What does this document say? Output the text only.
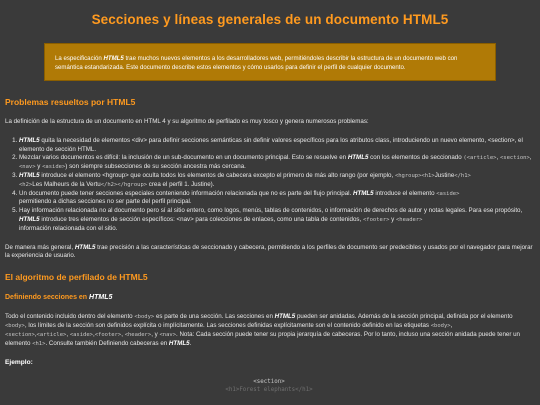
Secciones y líneas generales de un documento HTML5
La especificación HTML5 trae muchos nuevos elementos a los desarrolladores web, permitiéndoles describir la estructura de un documento web con semántica estandarizada. Este documento describe estos elementos y cómo usarlos para definir el perfil de cualquier documento.
Problemas resueltos por HTML5

La definición de la estructura de un documento en HTML 4 y su algoritmo de perfilado es muy tosco y genera numerosos problemas:

1. HTML5 quita la necesidad de elementos <div> para definir secciones semánticas sin definir valores específicos para los atributos class, introduciendo un nuevo elemento, <section>, el elemento de sección HTML.
2. Mezclar varios documentos es difícil: la inclusión de un sub-documento en un documento principal. Esto se resuelve en HTML5 con los elementos de seccionado (<article>, <section>, <nav> y <aside>) son siempre subsecciones de su sección ancestra más cercana.
3. HTML5 introduce el elemento <hgroup> que oculta todos los elementos de cabecera excepto el primero de más alto rango (por ejemplo, <hgroup><h1>Justine</h1>
<h2>Les Malheurs de la Vertu</h2></hgroup> crea el perfil 1. Justine).
4. Un documento puede tener secciones especiales conteniendo información relacionada que no es parte del flujo principal. HTML5 introduce el elemento <aside>
permitiendo a dichas secciones no ser parte del perfil principal.
5. Hay información relacionada no al documento pero sí al sitio entero, como logos, menús, tablas de contenidos, o información de derechos de autor y notas legales. Para ese propósito, HTML5 introduce tres elementos de sección específicos: <nav> para colecciones de enlaces, como una tabla de contenidos, <footer> y <header>
información relacionada con el sitio.

De manera más general, HTML5 trae precisión a las características de seccionado y cabecera, permitiendo a los perfiles de documento ser predecibles y usados por el navegador para mejorar la experiencia de usuario.

El algoritmo de perfilado de HTML5
Definiendo secciones en HTML5

Todo el contenido incluido dentro del elemento <body> es parte de una sección. Las secciones en HTML5 pueden ser anidadas. Además de la sección principal, definida por el elemento
<body>, los límites de la sección son definidos explícita o implícitamente. Las secciones definidas explícitamente son el contenido definido en las etiquetas <body>,
<section>,<article>, <aside>,<footer>, <header>, y <nav>. Nota: Cada sección puede tener su propia jerarquía de cabeceras. Por lo tanto, incluso una sección anidada puede tener un elemento <h1>. Consulte también Definiendo cabeceras en HTML5.

Ejemplo:
<section>
<h1>Forest elephants</h1>
